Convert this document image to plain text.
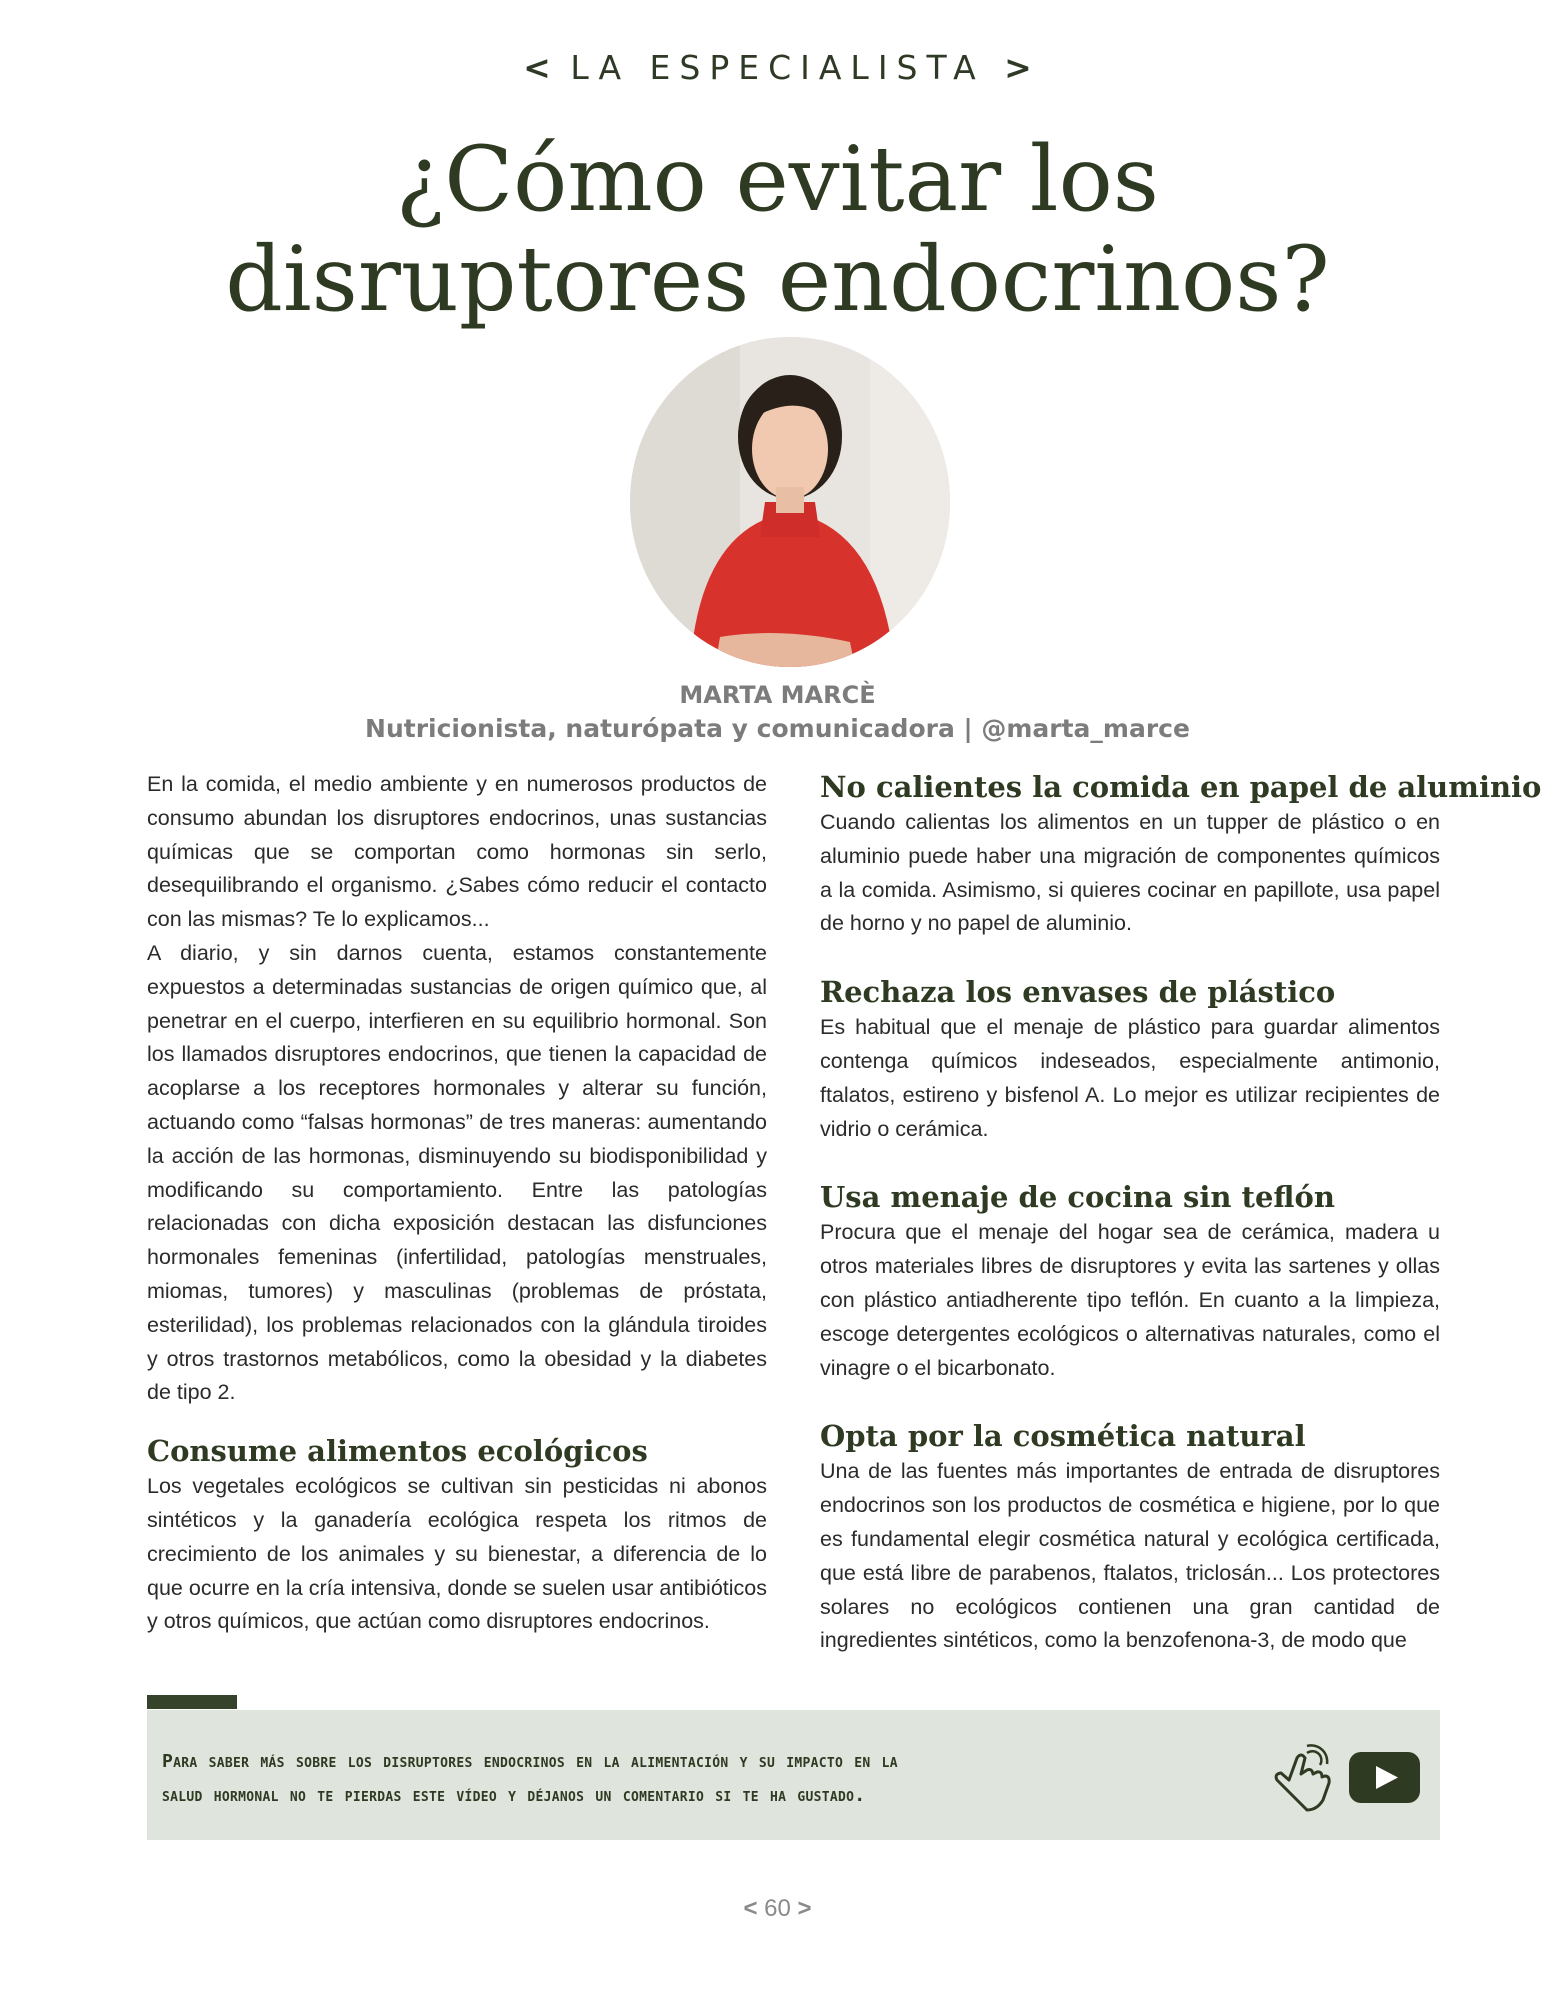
< LA ESPECIALISTA >
¿Cómo evitar los disruptores endocrinos?
MARTA MARCÈ
Nutricionista, naturópata y comunicadora | @marta_marce

En la comida, el medio ambiente y en numerosos productos de consumo abundan los disruptores endocrinos, unas sustancias químicas que se comportan como hormonas sin serlo, desequilibrando el organismo. ¿Sabes cómo reducir el contacto con las mismas? Te lo explicamos...

A diario, y sin darnos cuenta, estamos constantemente expuestos a determinadas sustancias de origen químico que, al penetrar en el cuerpo, interfieren en su equilibrio hormonal. Son los llamados disruptores endocrinos, que tienen la capacidad de acoplarse a los receptores hormonales y alterar su función, actuando como “falsas hormonas” de tres maneras: aumentando la acción de las hormonas, disminuyendo su biodisponibilidad y modificando su comportamiento. Entre las patologías relacionadas con dicha exposición destacan las disfunciones hormonales femeninas (infertilidad, patologías menstruales, miomas, tumores) y masculinas (problemas de próstata, esterilidad), los problemas relacionados con la glándula tiroides y otros trastornos metabólicos, como la obesidad y la diabetes de tipo 2.

Consume alimentos ecológicos

Los vegetales ecológicos se cultivan sin pesticidas ni abonos sintéticos y la ganadería ecológica respeta los ritmos de crecimiento de los animales y su bienestar, a diferencia de lo que ocurre en la cría intensiva, donde se suelen usar antibióticos y otros químicos, que actúan como disruptores endocrinos.

No calientes la comida en papel de aluminio

Cuando calientas los alimentos en un tupper de plástico o en aluminio puede haber una migración de componentes químicos a la comida. Asimismo, si quieres cocinar en papillote, usa papel de horno y no papel de aluminio.

Rechaza los envases de plástico

Es habitual que el menaje de plástico para guardar alimentos contenga químicos indeseados, especialmente antimonio, ftalatos, estireno y bisfenol A. Lo mejor es utilizar recipientes de vidrio o cerámica.

Usa menaje de cocina sin teflón

Procura que el menaje del hogar sea de cerámica, madera u otros materiales libres de disruptores y evita las sartenes y ollas con plástico antiadherente tipo teflón. En cuanto a la limpieza, escoge detergentes ecológicos o alternativas naturales, como el vinagre o el bicarbonato.

Opta por la cosmética natural

Una de las fuentes más importantes de entrada de disruptores endocrinos son los productos de cosmética e higiene, por lo que es fundamental elegir cosmética natural y ecológica certificada, que está libre de parabenos, ftalatos, triclosán... Los protectores solares no ecológicos contienen una gran cantidad de ingredientes sintéticos, como la benzofenona-3, de modo que

Para saber más sobre los disruptores endocrinos en la alimentación y su impacto en la
salud hormonal no te pierdas este vídeo y déjanos un comentario si te ha gustado.
< 60 >
